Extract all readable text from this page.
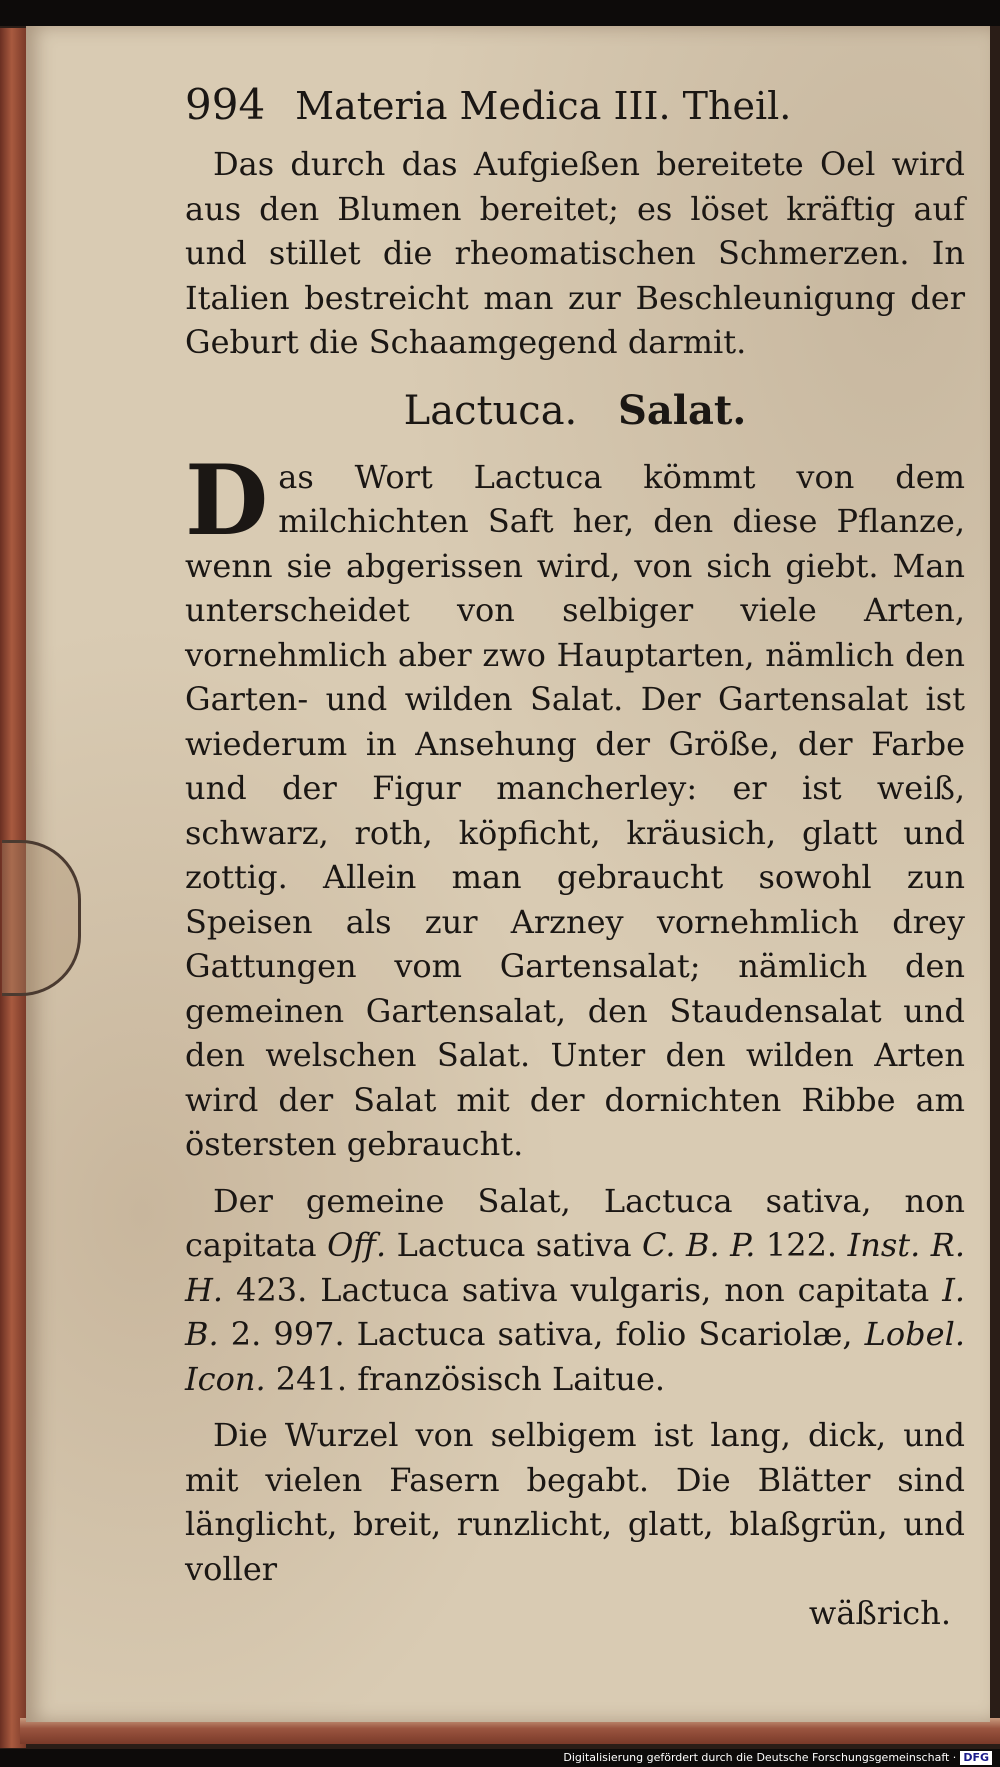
994 Materia Medica III. Theil.

Das durch das Aufgießen bereitete Oel wird aus den Blumen bereitet; es löset kräftig auf und stillet die rheomatischen Schmerzen. In Italien bestreicht man zur Beschleunigung der Geburt die Schaamgegend darmit.

Lactuca. Salat.

Das Wort Lactuca kömmt von dem milchichten Saft her, den diese Pflanze, wenn sie abgerissen wird, von sich giebt. Man unterscheidet von selbiger viele Arten, vornehmlich aber zwo Hauptarten, nämlich den Garten- und wilden Salat. Der Gartensalat ist wiederum in Ansehung der Größe, der Farbe und der Figur mancherley: er ist weiß, schwarz, roth, köpficht, kräusich, glatt und zottig. Allein man gebraucht sowohl zun Speisen als zur Arzney vornehmlich drey Gattungen vom Gartensalat; nämlich den gemeinen Gartensalat, den Staudensalat und den welschen Salat. Unter den wilden Arten wird der Salat mit der dornichten Ribbe am östersten gebraucht.

Der gemeine Salat, Lactuca sativa, non capitata Off. Lactuca sativa C. B. P. 122. Inst. R. H. 423. Lactuca sativa vulgaris, non capitata I. B. 2. 997. Lactuca sativa, folio Scariolæ, Lobel. Icon. 241. französisch Laitue.

Die Wurzel von selbigem ist lang, dick, und mit vielen Fasern begabt. Die Blätter sind länglicht, breit, runzlicht, glatt, blaßgrün, und voller

wäßrich.

Digitalisierung gefördert durch die Deutsche Forschungsgemeinschaft · DFG
